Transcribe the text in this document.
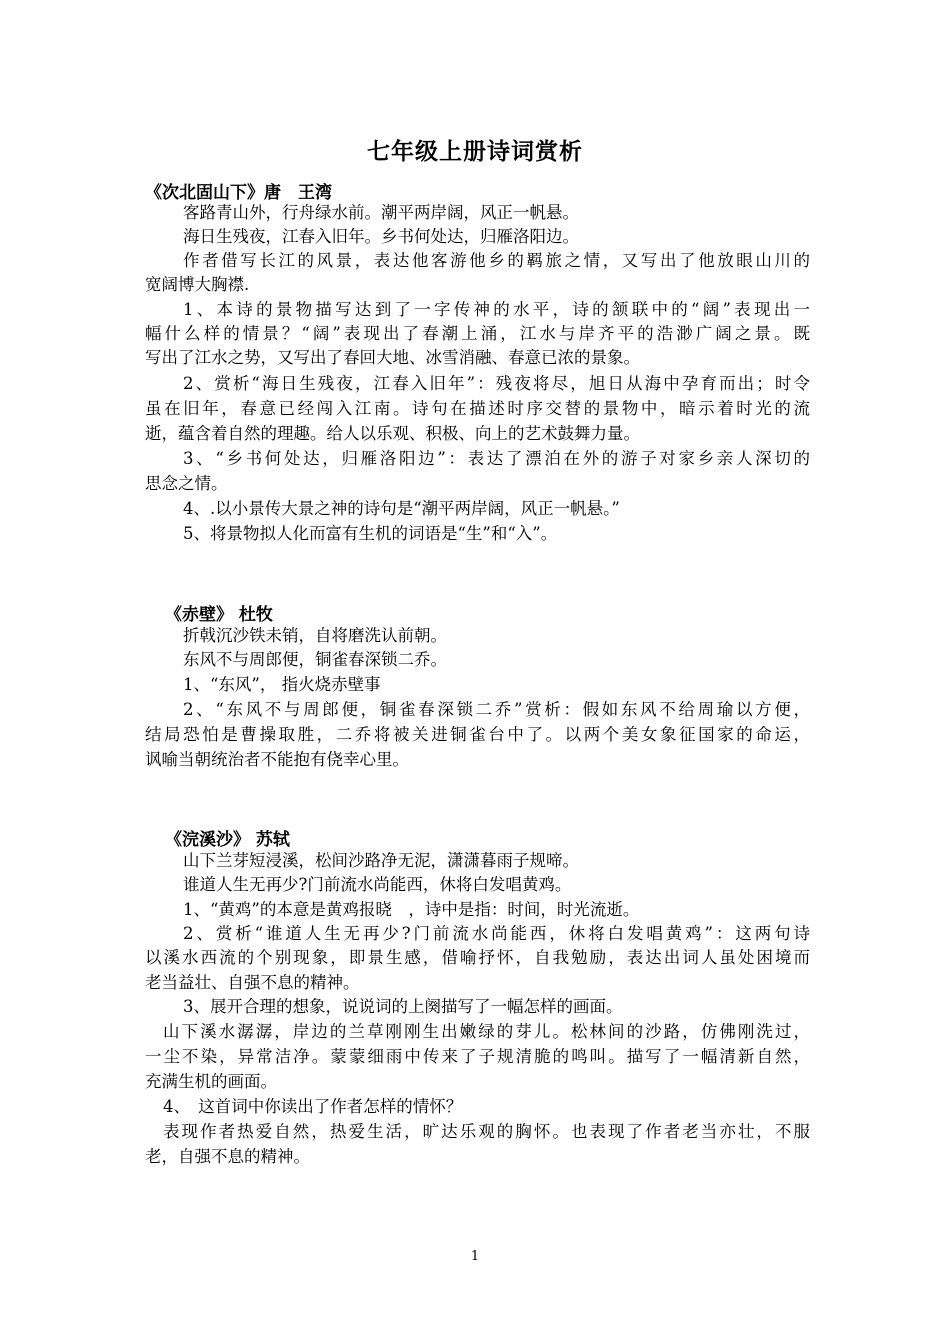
七年级上册诗词赏析
《次北固山下》唐　王湾
客路青山外，行舟绿水前。潮平两岸阔，风正一帆悬。
海日生残夜，江春入旧年。乡书何处达，归雁洛阳边。
作者借写长江的风景，表达他客游他乡的羁旅之情，又写出了他放眼山川的
宽阔博大胸襟.
1、本诗的景物描写达到了一字传神的水平，诗的颔联中的“阔”表现出一
幅什么样的情景？“阔”表现出了春潮上涌，江水与岸齐平的浩渺广阔之景。既
写出了江水之势，又写出了春回大地、冰雪消融、春意已浓的景象。
2、赏析“海日生残夜，江春入旧年”：残夜将尽，旭日从海中孕育而出；时令
虽在旧年，春意已经闯入江南。诗句在描述时序交替的景物中，暗示着时光的流
逝，蕴含着自然的理趣。给人以乐观、积极、向上的艺术鼓舞力量。
3、“乡书何处达，归雁洛阳边”：表达了漂泊在外的游子对家乡亲人深切的
思念之情。
4、.以小景传大景之神的诗句是“潮平两岸阔，风正一帆悬。”
5、将景物拟人化而富有生机的词语是“生”和“入”。
《赤壁》 杜牧
折戟沉沙铁未销，自将磨洗认前朝。
东风不与周郎便，铜雀春深锁二乔。
1、“东风”， 指火烧赤壁事
2、“东风不与周郎便，铜雀春深锁二乔”赏析：假如东风不给周瑜以方便，
结局恐怕是曹操取胜，二乔将被关进铜雀台中了。以两个美女象征国家的命运，
讽喻当朝统治者不能抱有侥幸心里。
《浣溪沙》 苏轼
山下兰芽短浸溪，松间沙路净无泥，潇潇暮雨子规啼。
谁道人生无再少?门前流水尚能西，休将白发唱黄鸡。
1、“黄鸡”的本意是黄鸡报晓　，诗中是指：时间，时光流逝。
2、赏析“谁道人生无再少?门前流水尚能西，休将白发唱黄鸡”：这两句诗
以溪水西流的个别现象，即景生感，借喻抒怀，自我勉励，表达出词人虽处困境而
老当益壮、自强不息的精神。
3、展开合理的想象，说说词的上阕描写了一幅怎样的画面。
山下溪水潺潺，岸边的兰草刚刚生出嫩绿的芽儿。松林间的沙路，仿佛刚洗过，
一尘不染，异常洁净。蒙蒙细雨中传来了子规清脆的鸣叫。描写了一幅清新自然，
充满生机的画面。
4、　这首词中你读出了作者怎样的情怀？
表现作者热爱自然，热爱生活，旷达乐观的胸怀。也表现了作者老当亦壮，不服
老，自强不息的精神。
1
